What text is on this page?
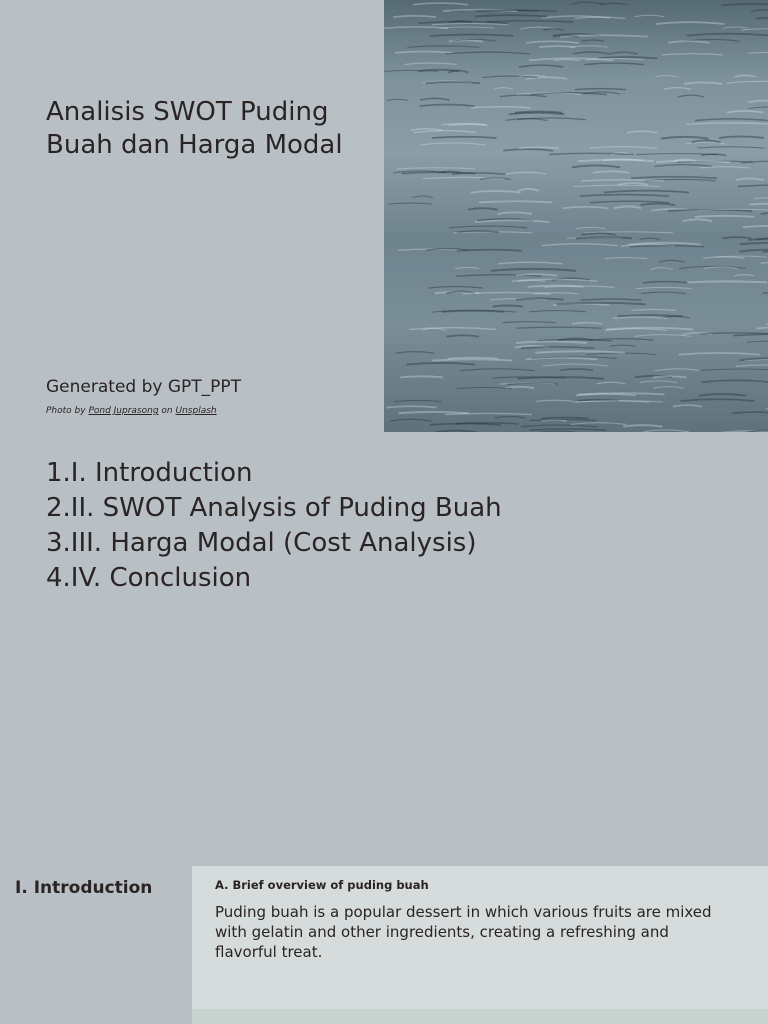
Analisis SWOT Puding Buah dan Harga Modal
Generated by GPT_PPT
Photo by Pond Juprasong on Unsplash
1.I. Introduction
2.II. SWOT Analysis of Puding Buah
3.III. Harga Modal (Cost Analysis)
4.IV. Conclusion
I. Introduction	A. Brief overview of puding buah
Puding buah is a popular dessert in which various fruits are mixed with gelatin and other ingredients, creating a refreshing and flavorful treat.
